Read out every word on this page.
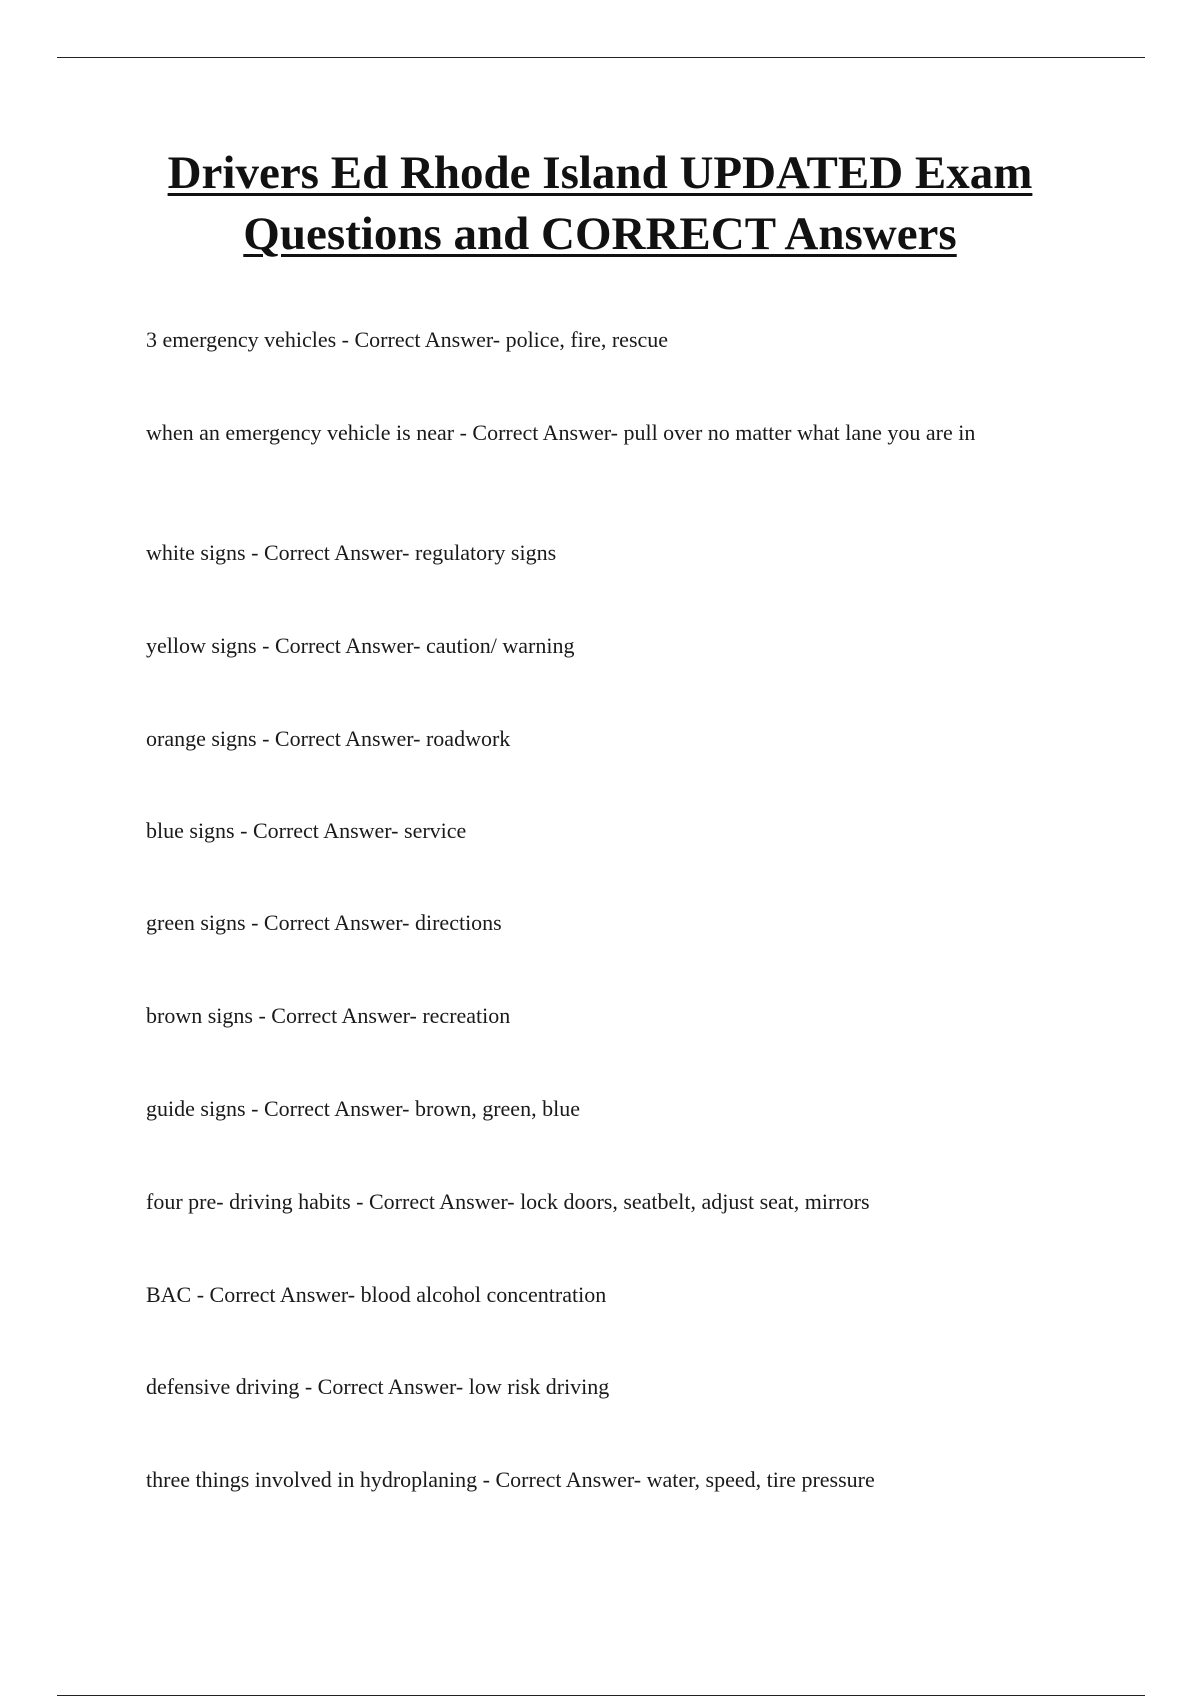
Drivers Ed Rhode Island UPDATED Exam
Questions and CORRECT Answers
3 emergency vehicles - Correct Answer- police, fire, rescue
when an emergency vehicle is near - Correct Answer- pull over no matter what lane you are in
white signs - Correct Answer- regulatory signs
yellow signs - Correct Answer- caution/ warning
orange signs - Correct Answer- roadwork
blue signs - Correct Answer- service
green signs - Correct Answer- directions
brown signs - Correct Answer- recreation
guide signs - Correct Answer- brown, green, blue
four pre- driving habits - Correct Answer- lock doors, seatbelt, adjust seat, mirrors
BAC - Correct Answer- blood alcohol concentration
defensive driving - Correct Answer- low risk driving
three things involved in hydroplaning - Correct Answer- water, speed, tire pressure
